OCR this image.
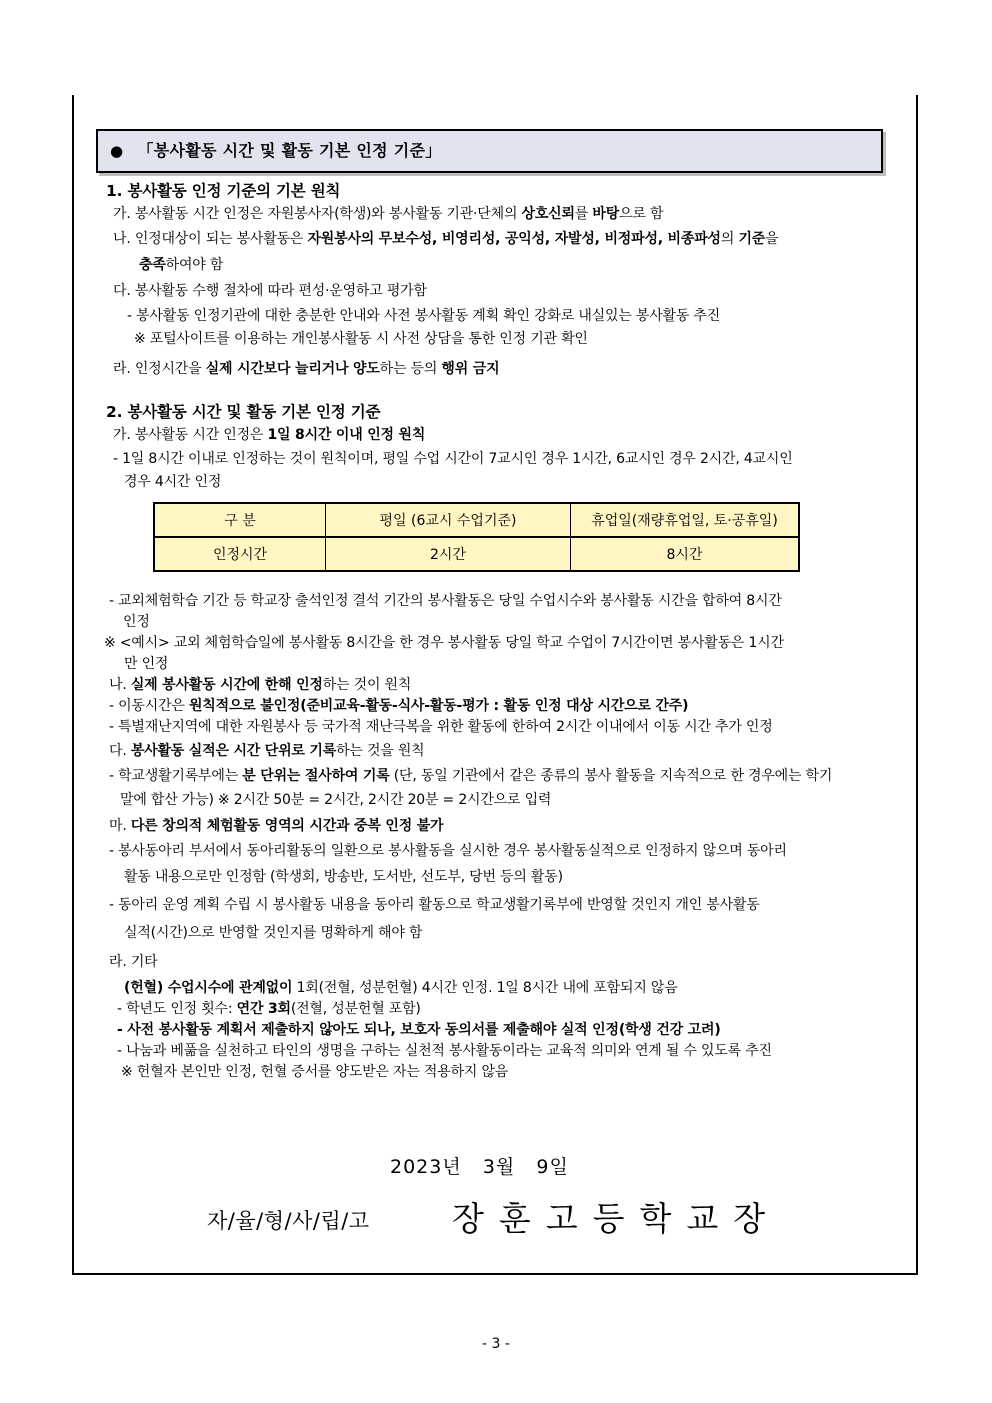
● 「봉사활동 시간 및 활동 기본 인정 기준」
1. 봉사활동 인정 기준의 기본 원칙
가. 봉사활동 시간 인정은 자원봉사자(학생)와 봉사활동 기관·단체의 상호신뢰를 바탕으로 함
나. 인정대상이 되는 봉사활동은 자원봉사의 무보수성, 비영리성, 공익성, 자발성, 비정파성, 비종파성의 기준을
충족하여야 함
다. 봉사활동 수행 절차에 따라 편성·운영하고 평가함
- 봉사활동 인정기관에 대한 충분한 안내와 사전 봉사활동 계획 확인 강화로 내실있는 봉사활동 추진
※ 포털사이트를 이용하는 개인봉사활동 시 사전 상담을 통한 인정 기관 확인
라. 인정시간을 실제 시간보다 늘리거나 양도하는 등의 행위 금지
2. 봉사활동 시간 및 활동 기본 인정 기준
가. 봉사활동 시간 인정은 1일 8시간 이내 인정 원칙
- 1일 8시간 이내로 인정하는 것이 원칙이며, 평일 수업 시간이 7교시인 경우 1시간, 6교시인 경우 2시간, 4교시인
경우 4시간 인정
구 분	평일 (6교시 수업기준)	휴업일(재량휴업일, 토·공휴일)
인정시간	2시간	8시간
- 교외체험학습 기간 등 학교장 출석인정 결석 기간의 봉사활동은 당일 수업시수와 봉사활동 시간을 합하여 8시간
인정
※ <예시> 교외 체험학습일에 봉사활동 8시간을 한 경우 봉사활동 당일 학교 수업이 7시간이면 봉사활동은 1시간
만 인정
나. 실제 봉사활동 시간에 한해 인정하는 것이 원칙
- 이동시간은 원칙적으로 불인정(준비교육-활동-식사-활동-평가 : 활동 인정 대상 시간으로 간주)
- 특별재난지역에 대한 자원봉사 등 국가적 재난극복을 위한 활동에 한하여 2시간 이내에서 이동 시간 추가 인정
다. 봉사활동 실적은 시간 단위로 기록하는 것을 원칙
- 학교생활기록부에는 분 단위는 절사하여 기록 (단, 동일 기관에서 같은 종류의 봉사 활동을 지속적으로 한 경우에는 학기
말에 합산 가능) ※ 2시간 50분 = 2시간, 2시간 20분 = 2시간으로 입력
마. 다른 창의적 체험활동 영역의 시간과 중복 인정 불가
- 봉사동아리 부서에서 동아리활동의 일환으로 봉사활동을 실시한 경우 봉사활동실적으로 인정하지 않으며 동아리
활동 내용으로만 인정함 (학생회, 방송반, 도서반, 선도부, 당번 등의 활동)
- 동아리 운영 계획 수립 시 봉사활동 내용을 동아리 활동으로 학교생활기록부에 반영할 것인지 개인 봉사활동
실적(시간)으로 반영할 것인지를 명확하게 해야 함
라. 기타
(헌혈) 수업시수에 관계없이 1회(전혈, 성분헌혈) 4시간 인정. 1일 8시간 내에 포함되지 않음
- 학년도 인정 횟수: 연간 3회(전혈, 성분헌혈 포함)
- 사전 봉사활동 계획서 제출하지 않아도 되나, 보호자 동의서를 제출해야 실적 인정(학생 건강 고려)
- 나눔과 베풂을 실천하고 타인의 생명을 구하는 실천적 봉사활동이라는 교육적 의미와 연계 될 수 있도록 추진
※ 헌혈자 본인만 인정, 헌혈 증서를 양도받은 자는 적용하지 않음
2023년   3월   9일
자/율/형/사/립/고 장훈고등학교장
- 3 -
